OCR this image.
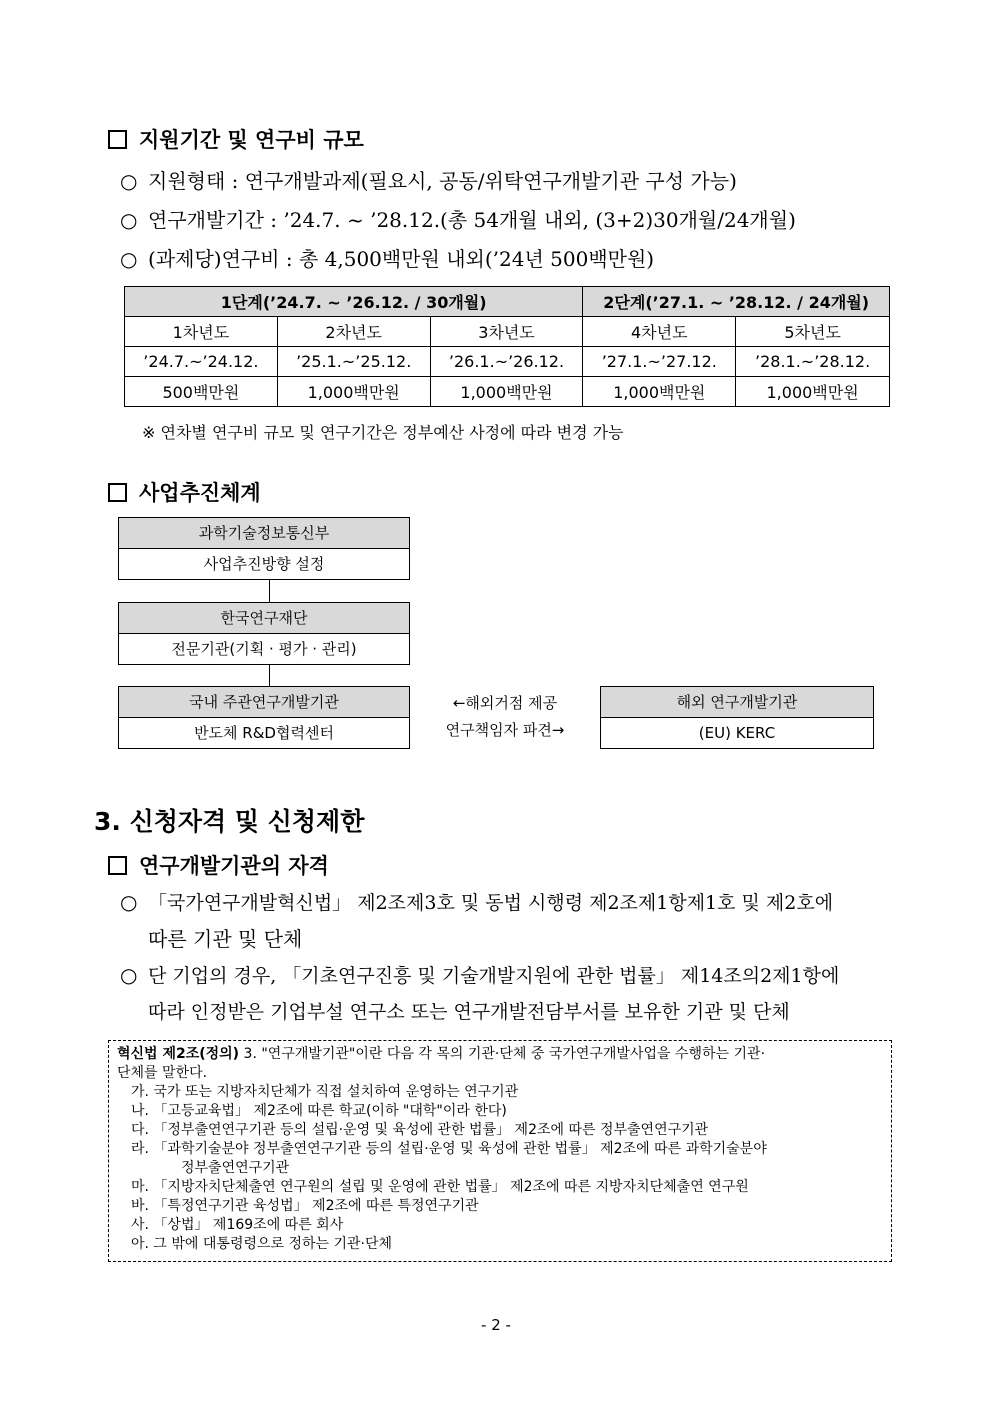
지원기간 및 연구비 규모
○ 지원형태 : 연구개발과제(필요시, 공동/위탁연구개발기관 구성 가능)
○ 연구개발기간 : ’24.7. ~ ’28.12.(총 54개월 내외, (3+2)30개월/24개월)
○ (과제당)연구비 : 총 4,500백만원 내외(’24년 500백만원)
1단계(’24.7. ~ ’26.12. / 30개월)			2단계(’27.1. ~ ’28.12. / 24개월)	
1차년도	2차년도	3차년도	4차년도	5차년도
’24.7.~’24.12.	’25.1.~’25.12.	’26.1.~’26.12.	’27.1.~’27.12.	’28.1.~’28.12.
500백만원	1,000백만원	1,000백만원	1,000백만원	1,000백만원
※ 연차별 연구비 규모 및 연구기간은 정부예산 사정에 따라 변경 가능
사업추진체계
과학기술정보통신부
사업추진방향 설정
한국연구재단
전문기관(기획 · 평가 · 관리)
국내 주관연구개발기관
반도체 R&D협력센터
←해외거점 제공
연구책임자 파견→
해외 연구개발기관
(EU) KERC
3. 신청자격 및 신청제한
연구개발기관의 자격
○ 「국가연구개발혁신법」 제2조제3호 및 동법 시행령 제2조제1항제1호 및 제2호에
따른 기관 및 단체
○ 단 기업의 경우, 「기초연구진흥 및 기술개발지원에 관한 법률」 제14조의2제1항에
따라 인정받은 기업부설 연구소 또는 연구개발전담부서를 보유한 기관 및 단체
혁신법 제2조(정의) 3. "연구개발기관"이란 다음 각 목의 기관·단체 중 국가연구개발사업을 수행하는 기관·
단체를 말한다.
가. 국가 또는 지방자치단체가 직접 설치하여 운영하는 연구기관
나. 「고등교육법」 제2조에 따른 학교(이하 "대학"이라 한다)
다. 「정부출연연구기관 등의 설립·운영 및 육성에 관한 법률」 제2조에 따른 정부출연연구기관
라. 「과학기술분야 정부출연연구기관 등의 설립·운영 및 육성에 관한 법률」 제2조에 따른 과학기술분야
정부출연연구기관
마. 「지방자치단체출연 연구원의 설립 및 운영에 관한 법률」 제2조에 따른 지방자치단체출연 연구원
바. 「특정연구기관 육성법」 제2조에 따른 특정연구기관
사. 「상법」 제169조에 따른 회사
아. 그 밖에 대통령령으로 정하는 기관·단체
- 2 -
